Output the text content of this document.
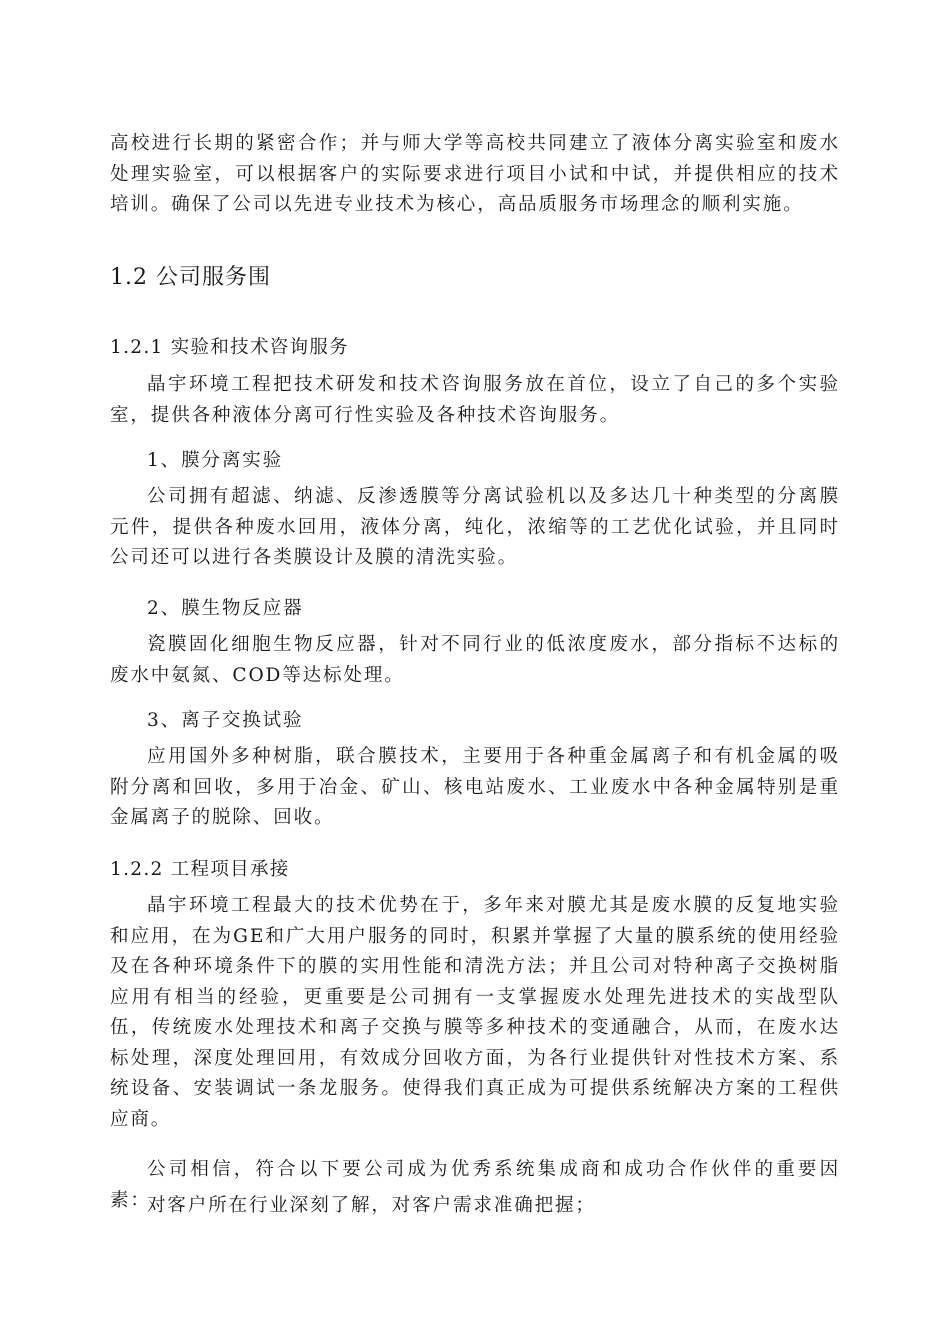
高校进行长期的紧密合作；并与师大学等高校共同建立了液体分离实验室和废水处理实验室，可以根据客户的实际要求进行项目小试和中试，并提供相应的技术培训。确保了公司以先进专业技术为核心，高品质服务市场理念的顺利实施。

1.2 公司服务围
1.2.1 实验和技术咨询服务

晶宇环境工程把技术研发和技术咨询服务放在首位，设立了自己的多个实验室，提供各种液体分离可行性实验及各种技术咨询服务。

1、膜分离实验

公司拥有超滤、纳滤、反渗透膜等分离试验机以及多达几十种类型的分离膜元件，提供各种废水回用，液体分离，纯化，浓缩等的工艺优化试验，并且同时公司还可以进行各类膜设计及膜的清洗实验。

2、膜生物反应器

瓷膜固化细胞生物反应器，针对不同行业的低浓度废水，部分指标不达标的废水中氨氮、COD等达标处理。

3、离子交换试验

应用国外多种树脂，联合膜技术，主要用于各种重金属离子和有机金属的吸附分离和回收，多用于冶金、矿山、核电站废水、工业废水中各种金属特别是重金属离子的脱除、回收。

1.2.2 工程项目承接

晶宇环境工程最大的技术优势在于，多年来对膜尤其是废水膜的反复地实验和应用，在为GE和广大用户服务的同时，积累并掌握了大量的膜系统的使用经验及在各种环境条件下的膜的实用性能和清洗方法；并且公司对特种离子交换树脂应用有相当的经验，更重要是公司拥有一支掌握废水处理先进技术的实战型队伍，传统废水处理技术和离子交换与膜等多种技术的变通融合，从而，在废水达标处理，深度处理回用，有效成分回收方面，为各行业提供针对性技术方案、系统设备、安装调试一条龙服务。使得我们真正成为可提供系统解决方案的工程供应商。

公司相信，符合以下要公司成为优秀系统集成商和成功合作伙伴的重要因素：

对客户所在行业深刻了解，对客户需求准确把握；
